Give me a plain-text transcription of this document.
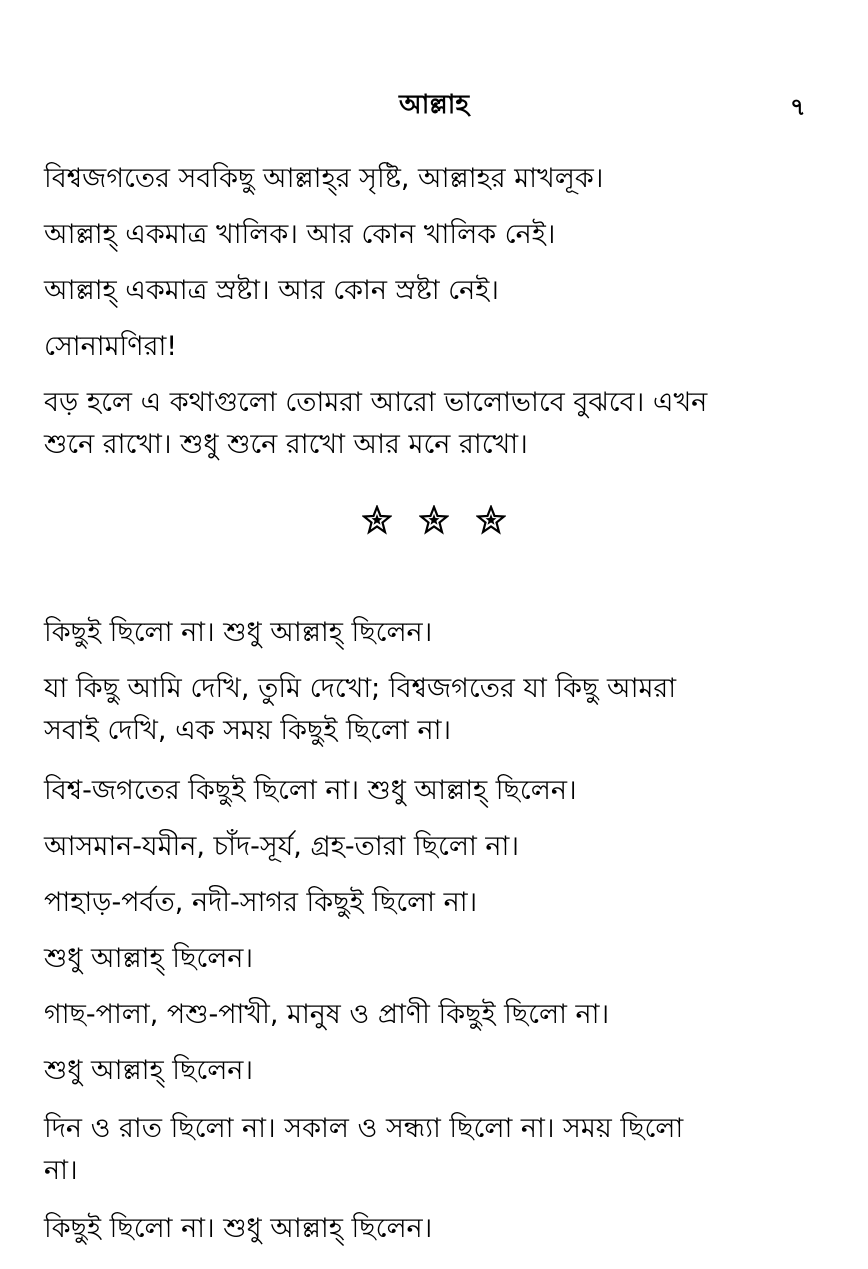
আল্লাহ	৭
বিশ্বজগতের সবকিছু আল্লাহ্‌র সৃষ্টি, আল্লাহর মাখলূক।
আল্লাহ্‌ একমাত্র খালিক। আর কোন খালিক নেই।
আল্লাহ্‌ একমাত্র স্রষ্টা। আর কোন স্রষ্টা নেই।
সোনামণিরা!
বড় হলে এ কথাগুলো তোমরা আরো ভালোভাবে বুঝবে। এখন
শুনে রাখো। শুধু শুনে রাখো আর মনে রাখো।

কিছুই ছিলো না। শুধু আল্লাহ্‌ ছিলেন।
যা কিছু আমি দেখি, তুমি দেখো; বিশ্বজগতের যা কিছু আমরা
সবাই দেখি, এক সময় কিছুই ছিলো না।
বিশ্ব-জগতের কিছুই ছিলো না। শুধু আল্লাহ্‌ ছিলেন।
আসমান-যমীন, চাঁদ-সূর্য, গ্রহ-তারা ছিলো না।
পাহাড়-পর্বত, নদী-সাগর কিছুই ছিলো না।
শুধু আল্লাহ্‌ ছিলেন।
গাছ-পালা, পশু-পাখী, মানুষ ও প্রাণী কিছুই ছিলো না।
শুধু আল্লাহ্‌ ছিলেন।
দিন ও রাত ছিলো না। সকাল ও সন্ধ্যা ছিলো না। সময় ছিলো
না।
কিছুই ছিলো না। শুধু আল্লাহ্‌ ছিলেন।
